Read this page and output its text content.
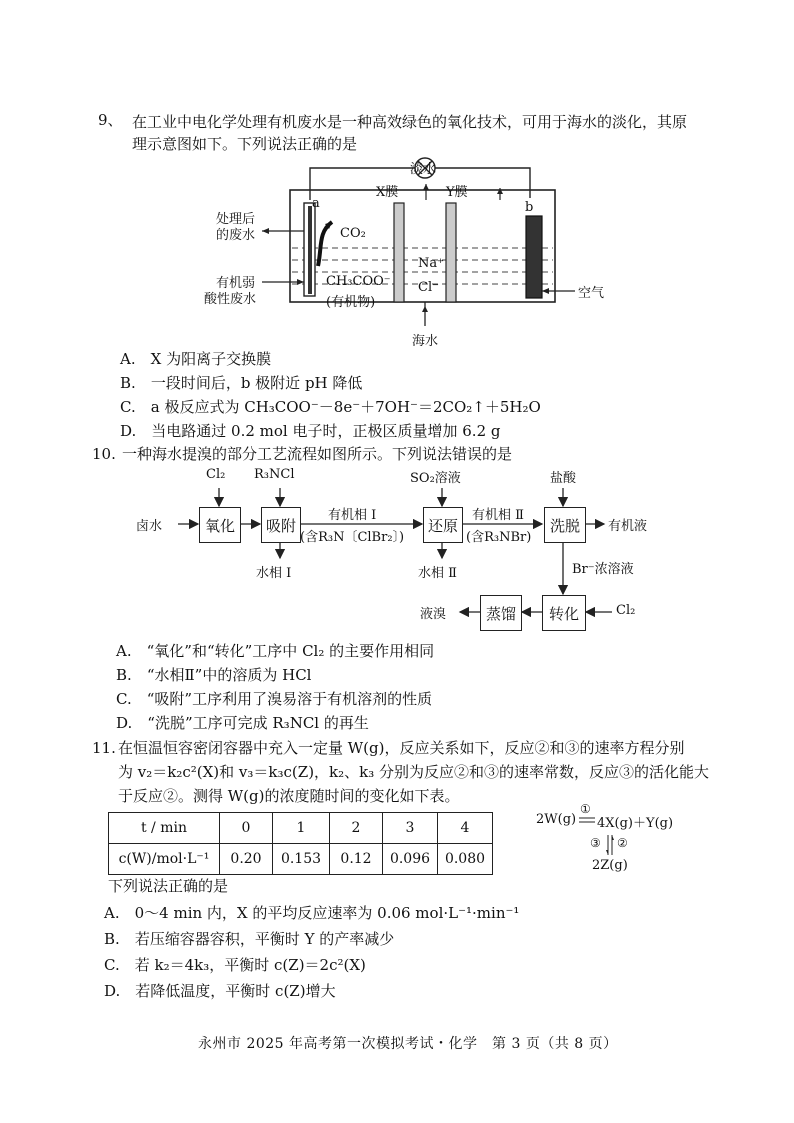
9、 在工业中电化学处理有机废水是一种高效绿色的氧化技术，可用于海水的淡化，其原
理示意图如下。下列说法正确的是
淡水
X膜	Y膜
a	b
处理后
的废水	CO₂
Na⁺
有机弱
酸性废水
CH₃COO⁻
(有机物)
Cl⁻	空气
海水
A.　 X 为阳离子交换膜
B.　 一段时间后，b 极附近 pH 降低
C.　 a 极反应式为 CH₃COO⁻－8e⁻＋7OH⁻＝2CO₂↑＋5H₂O
D.　 当电路通过 0.2 mol 电子时，正极区质量增加 6.2 g
10. 一种海水提溴的部分工艺流程如图所示。下列说法错误的是
卤水	氧化	吸附	还原	洗脱
蒸馏	转化
Cl₂ R₃NCl	SO₂溶液	盐酸
有机相 Ⅰ
(含R₃N〔ClBr₂〕)
有机相 Ⅱ
(含R₃NBr)
有机液
水相 Ⅰ	水相 Ⅱ	Br⁻浓溶液
液溴	Cl₂
A.　 “氧化”和“转化”工序中 Cl₂ 的主要作用相同
B.　 “水相Ⅱ”中的溶质为 HCl
C.　 “吸附”工序利用了溴易溶于有机溶剂的性质
D.　 “洗脱”工序可完成 R₃NCl 的再生
11. 在恒温恒容密闭容器中充入一定量 W(g)，反应关系如下，反应②和③的速率方程分别
为 v₂＝k₂c²(X)和 v₃＝k₃c(Z)，k₂、k₃ 分别为反应②和③的速率常数，反应③的活化能大
于反应②。测得 W(g)的浓度随时间的变化如下表。
t / min	0	1	2	3	4
c(W)/mol·L⁻¹	0.20	0.153	0.12	0.096	0.080
2W(g)
①
4X(g)＋Y(g)
③ ②
2Z(g)
下列说法正确的是
A.　 0～4 min 内，X 的平均反应速率为 0.06 mol·L⁻¹·min⁻¹
B.　 若压缩容器容积，平衡时 Y 的产率减少
C.　 若 k₂＝4k₃，平衡时 c(Z)＝2c²(X)
D.　 若降低温度，平衡时 c(Z)增大
永州市 2025 年高考第一次模拟考试・化学　第 3 页（共 8 页）
